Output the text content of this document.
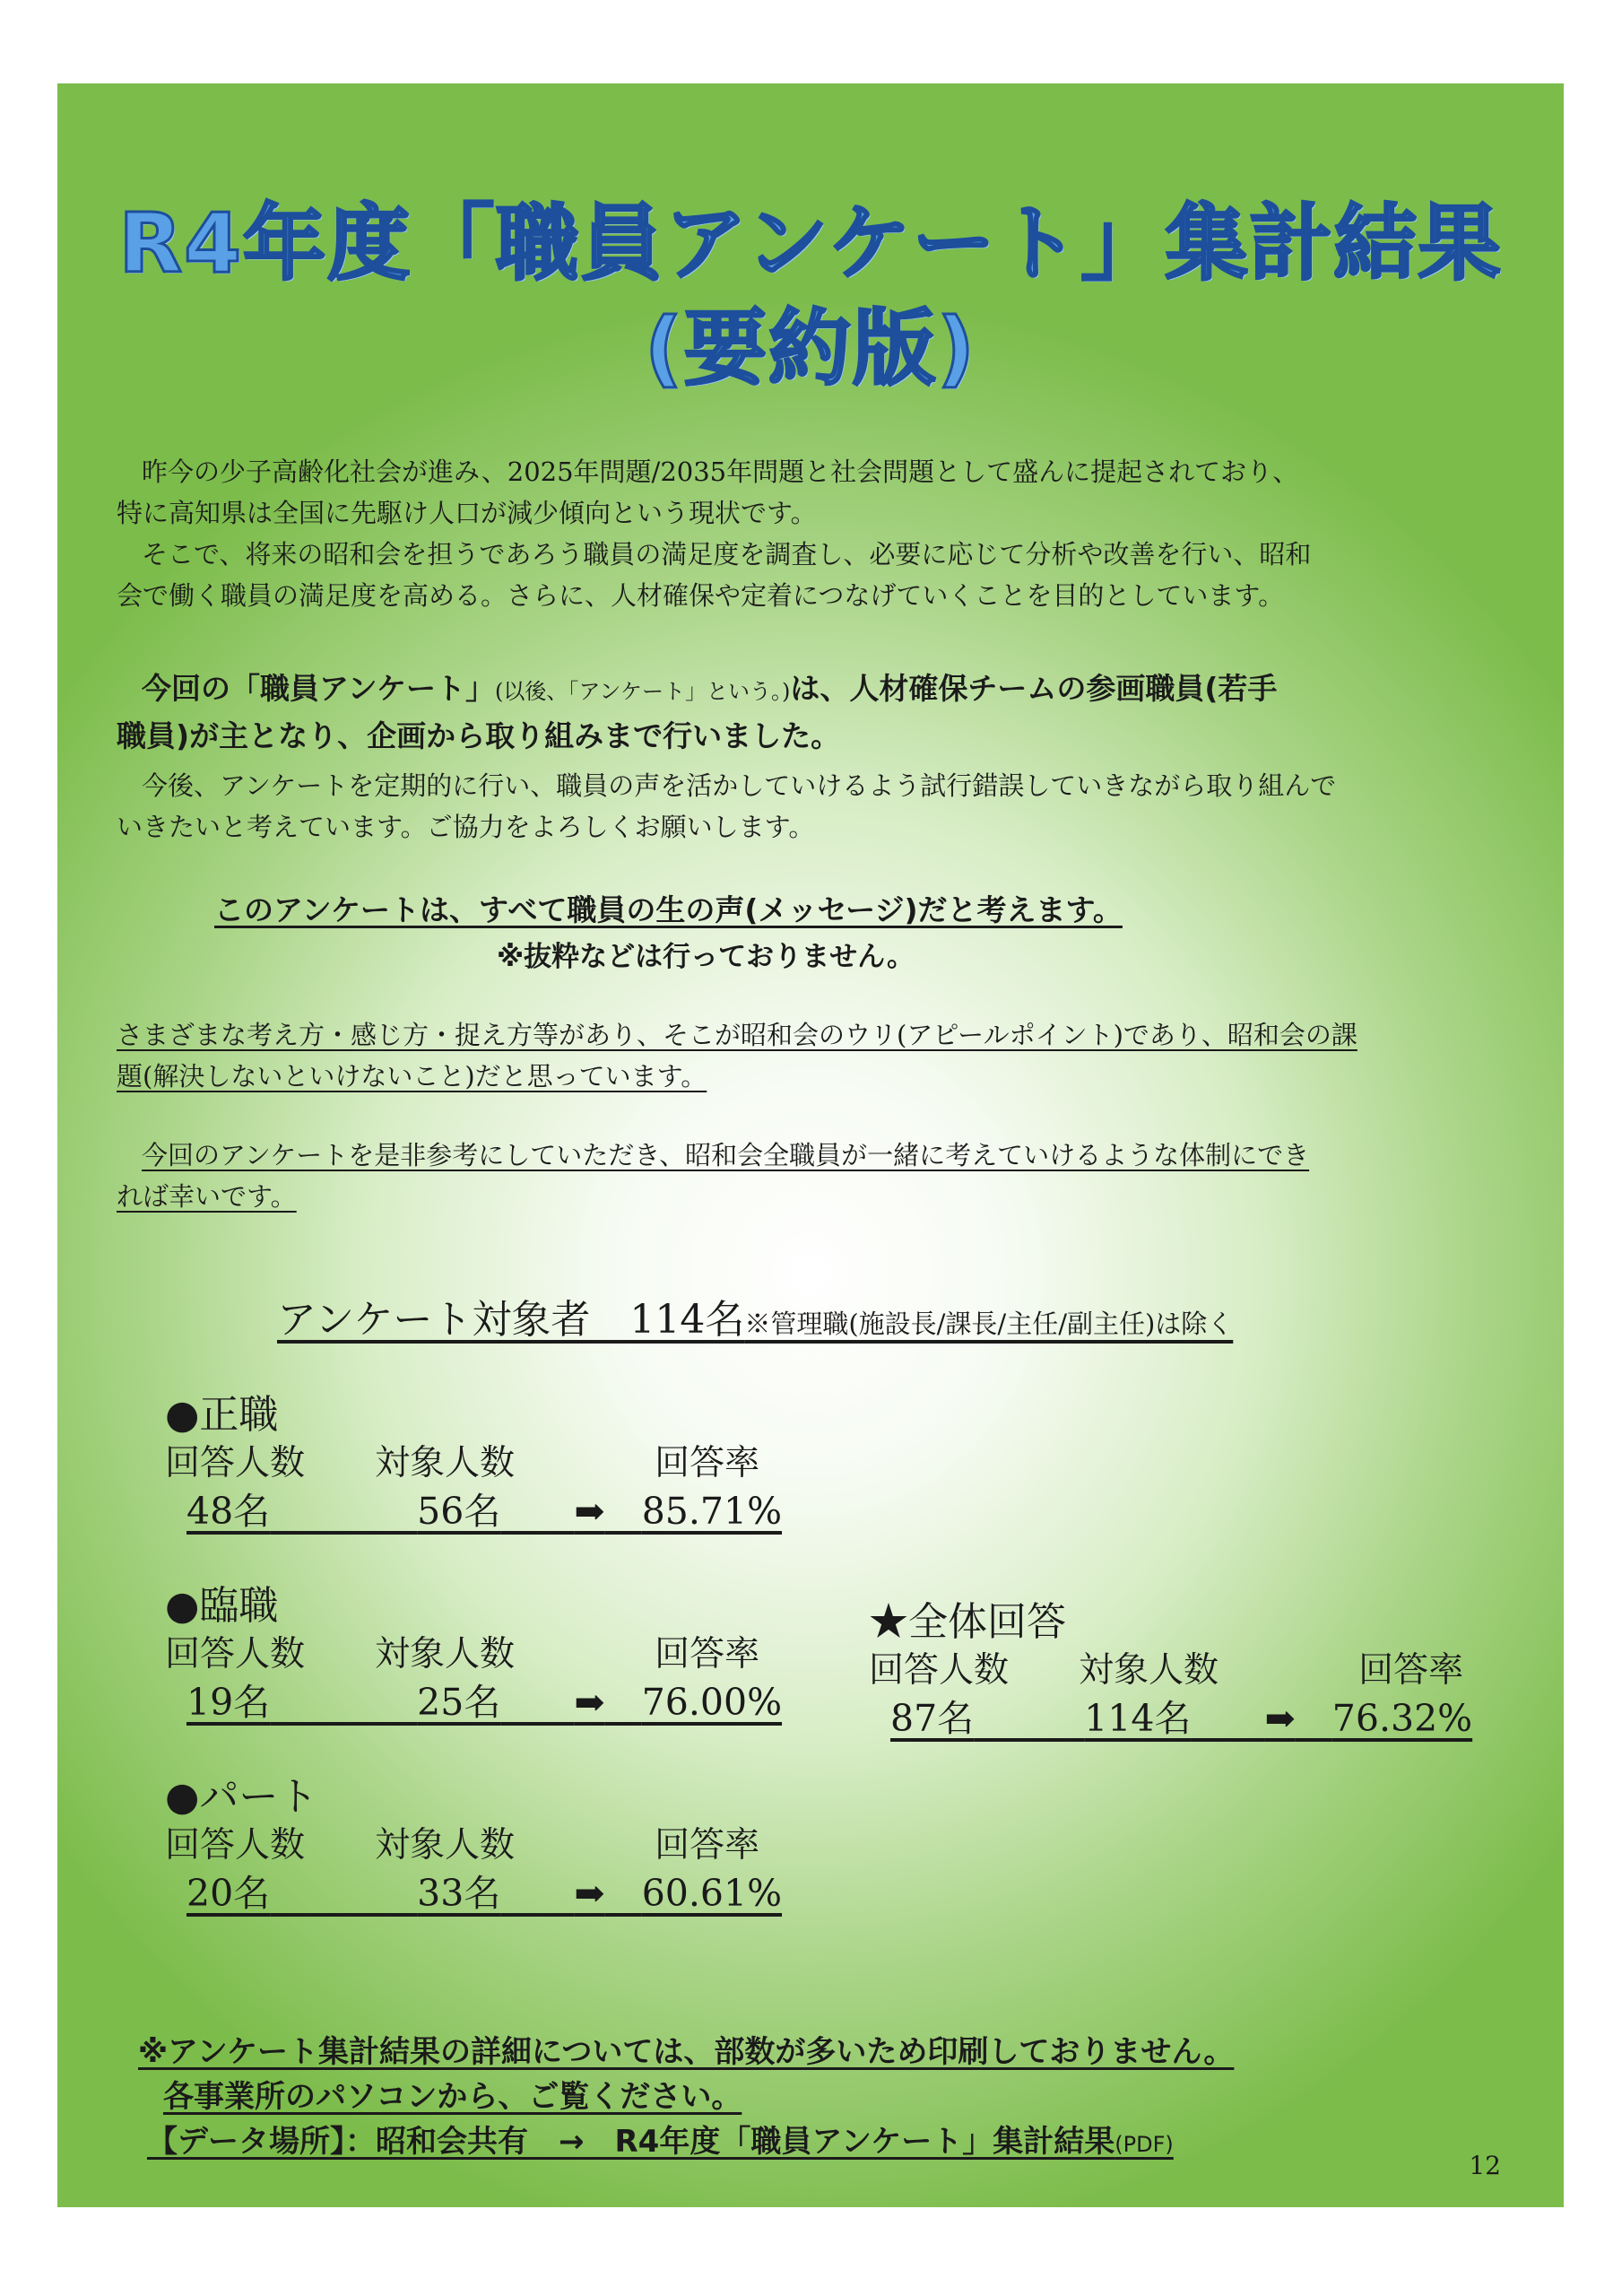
R4年度「職員アンケート」集計結果
(要約版)

昨今の少子高齢化社会が進み、2025年問題/2035年問題と社会問題として盛んに提起されており、

特に高知県は全国に先駆け人口が減少傾向という現状です。

そこで、将来の昭和会を担うであろう職員の満足度を調査し、必要に応じて分析や改善を行い、昭和

会で働く職員の満足度を高める。さらに、人材確保や定着につなげていくことを目的としています。

今回の「職員アンケート」(以後、「アンケート」という。)は、人材確保チームの参画職員(若手

職員)が主となり、企画から取り組みまで行いました。

今後、アンケートを定期的に行い、職員の声を活かしていけるよう試行錯誤していきながら取り組んで

いきたいと考えています。ご協力をよろしくお願いします。

このアンケートは、すべて職員の生の声(メッセージ)だと考えます。
※抜粋などは行っておりません。

さまざまな考え方・感じ方・捉え方等があり、そこが昭和会のウリ(アピールポイント)であり、昭和会の課

題(解決しないといけないこと)だと思っています。

今回のアンケートを是非参考にしていただき、昭和会全職員が一緒に考えていけるような体制にでき

れば幸いです。

アンケート対象者　114名※管理職(施設長/課長/主任/副主任)は除く
●正職
回答人数　　 対象人数　　　　	回答率
48名　　　　	56名　　 ➡　 85.71%
●臨職
回答人数　　 対象人数　　　　	回答率
19名　　　　	25名　　 ➡　 76.00%
●パート
回答人数　　 対象人数　　　　	回答率
20名　　　　	33名　　 ➡　 60.61%
★全体回答
回答人数　　 対象人数　　　　	回答率
87名　　　	114名　　 ➡　 76.32%
※アンケート集計結果の詳細については、部数が多いため印刷しておりません。
各事業所のパソコンから、ご覧ください。
【データ場所】：昭和会共有　→　R4年度「職員アンケート」集計結果(PDF)
12
